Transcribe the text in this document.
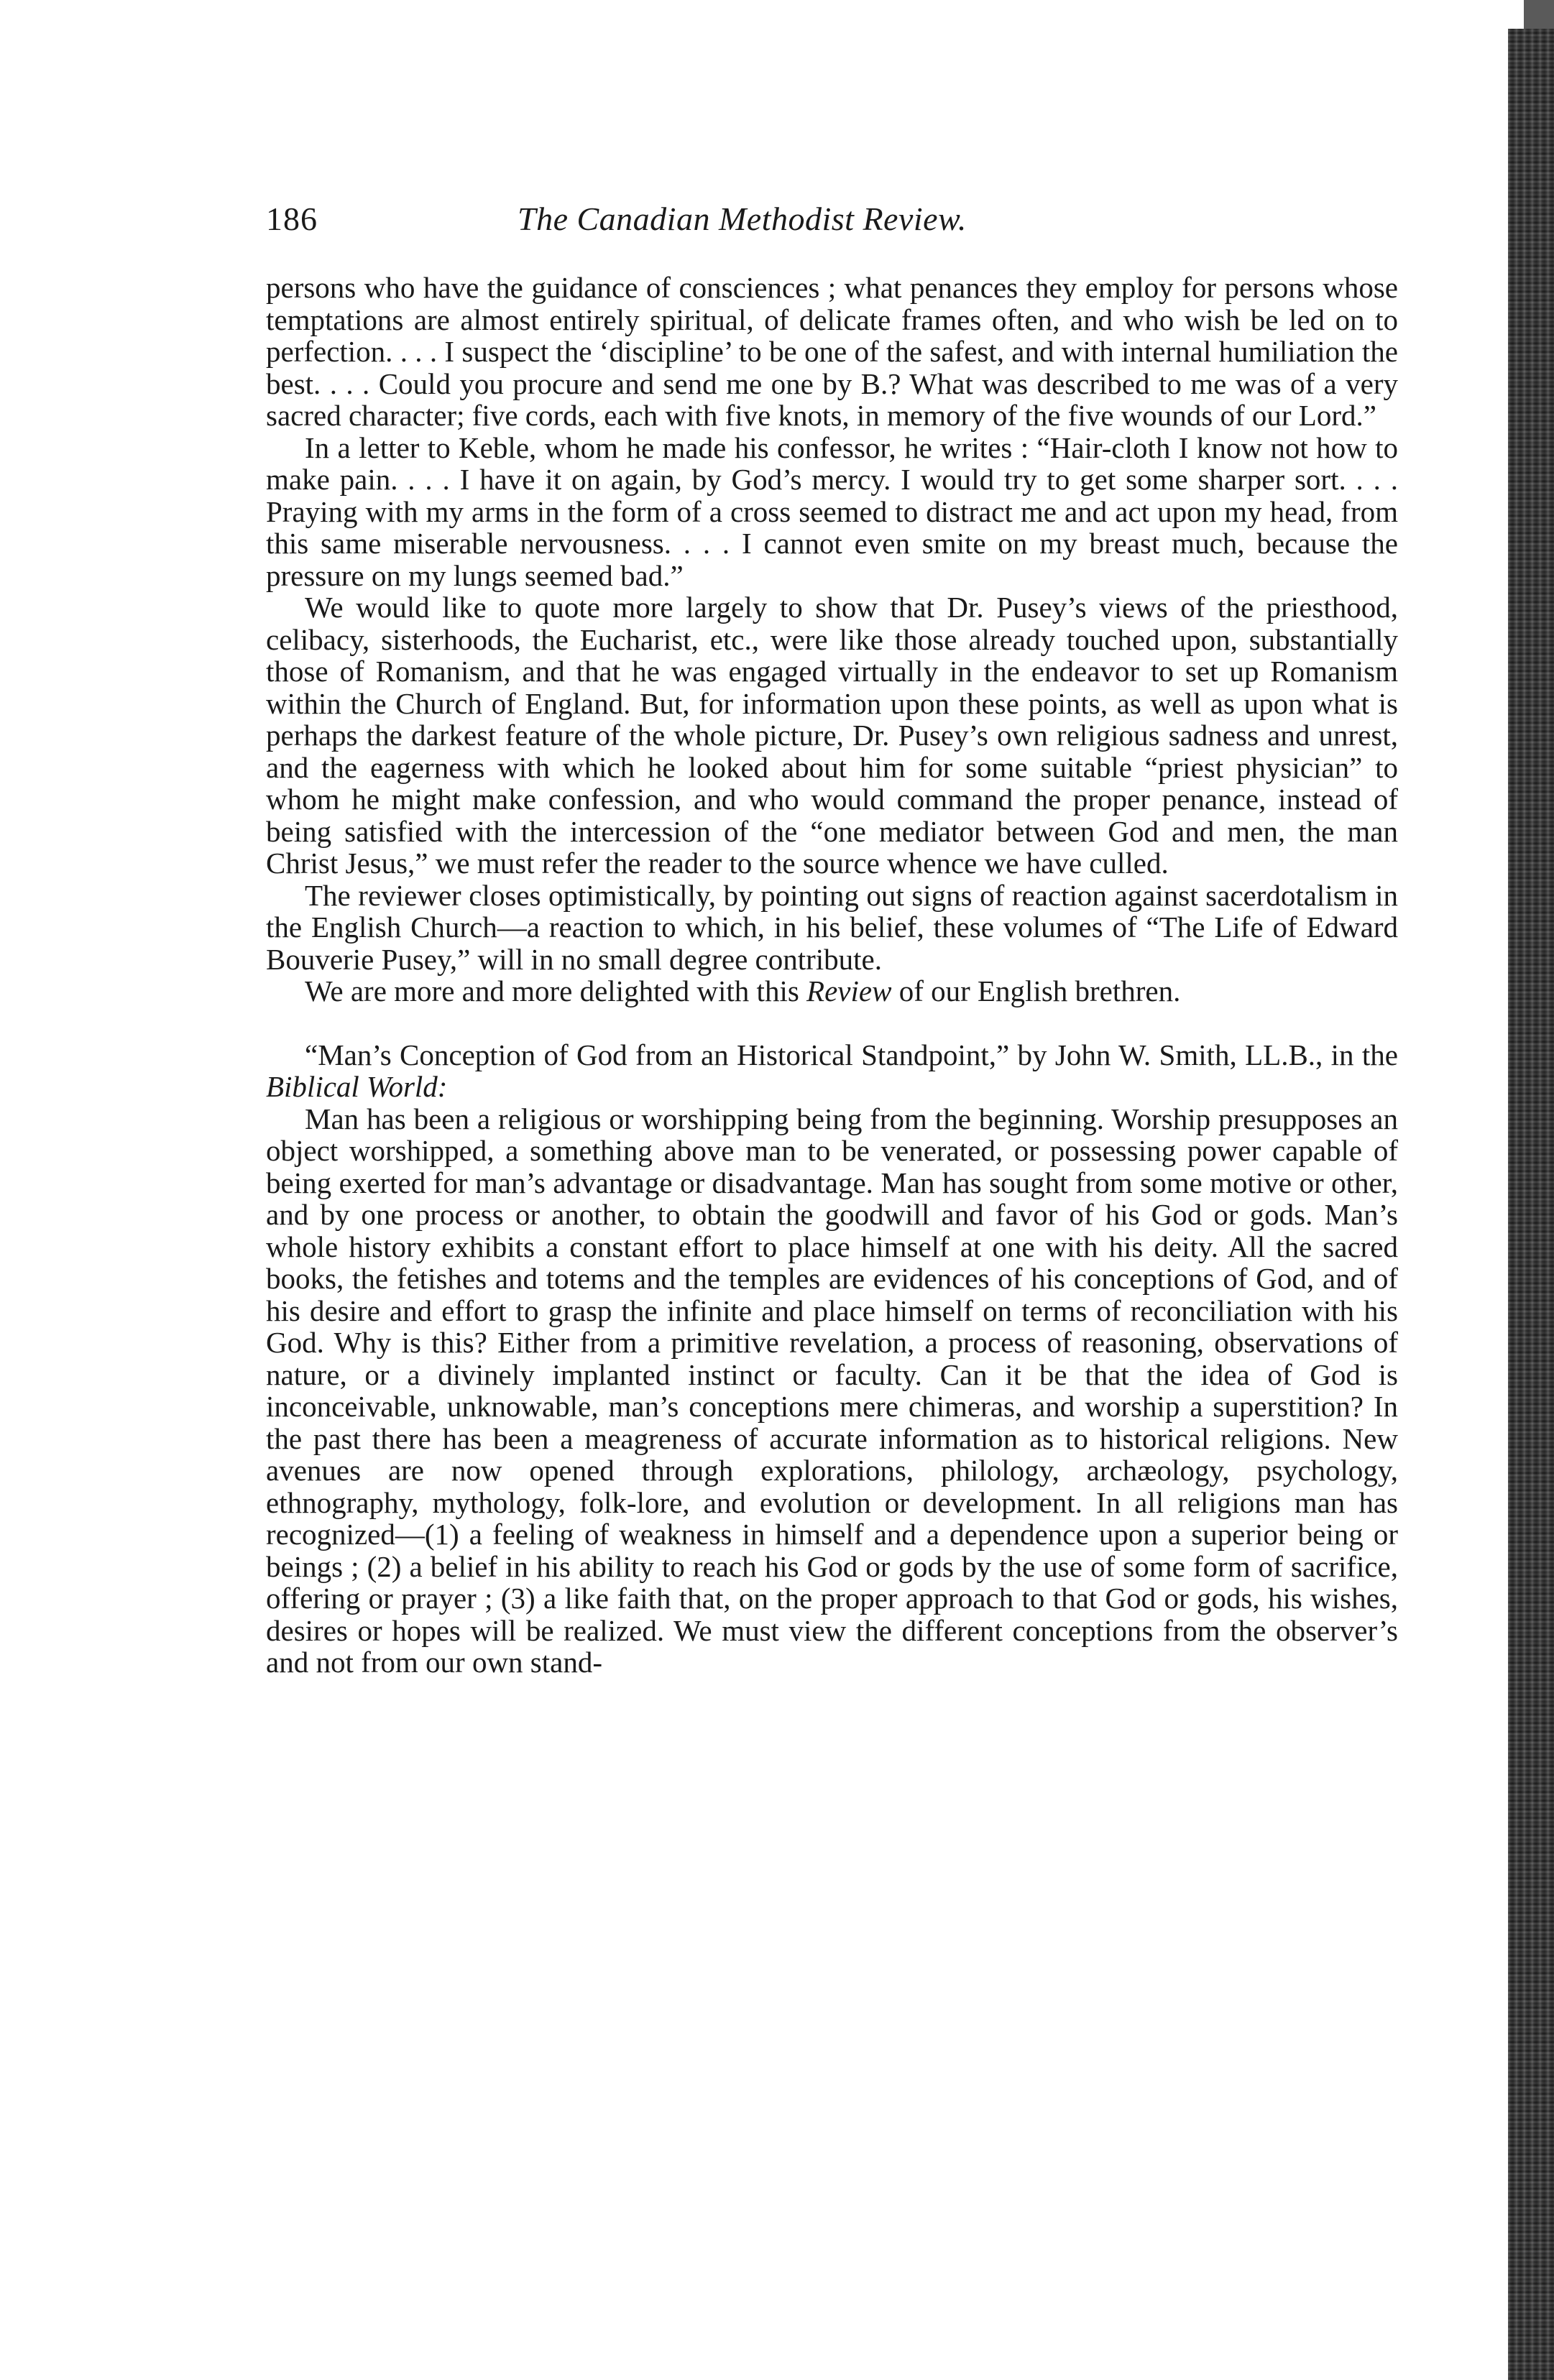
186	The Canadian Methodist Review.

persons who have the guidance of consciences ; what penances they employ for persons whose temptations are almost entirely spiritual, of delicate frames often, and who wish be led on to perfection. . . . I suspect the ‘discipline’ to be one of the safest, and with internal humiliation the best. . . . Could you procure and send me one by B.? What was described to me was of a very sacred character; five cords, each with five knots, in memory of the five wounds of our Lord.”

In a letter to Keble, whom he made his confessor, he writes : “Hair-cloth I know not how to make pain. . . . I have it on again, by God’s mercy. I would try to get some sharper sort. . . . Praying with my arms in the form of a cross seemed to distract me and act upon my head, from this same miserable nervousness. . . . I cannot even smite on my breast much, because the pressure on my lungs seemed bad.”

We would like to quote more largely to show that Dr. Pusey’s views of the priesthood, celibacy, sisterhoods, the Eucharist, etc., were like those already touched upon, substantially those of Romanism, and that he was engaged virtually in the endeavor to set up Romanism within the Church of England. But, for information upon these points, as well as upon what is perhaps the darkest feature of the whole picture, Dr. Pusey’s own religious sadness and unrest, and the eagerness with which he looked about him for some suitable “priest physician” to whom he might make confession, and who would command the proper penance, instead of being satisfied with the intercession of the “one mediator between God and men, the man Christ Jesus,” we must refer the reader to the source whence we have culled.

The reviewer closes optimistically, by pointing out signs of reaction against sacerdotalism in the English Church—a reaction to which, in his belief, these volumes of “The Life of Edward Bouverie Pusey,” will in no small degree contribute.

We are more and more delighted with this Review of our English brethren.

“Man’s Conception of God from an Historical Standpoint,” by John W. Smith, LL.B., in the Biblical World:

Man has been a religious or worshipping being from the beginning. Worship presupposes an object worshipped, a something above man to be venerated, or possessing power capable of being exerted for man’s advantage or disadvantage. Man has sought from some motive or other, and by one process or another, to obtain the goodwill and favor of his God or gods. Man’s whole history exhibits a constant effort to place himself at one with his deity. All the sacred books, the fetishes and totems and the temples are evidences of his conceptions of God, and of his desire and effort to grasp the infinite and place himself on terms of reconciliation with his God. Why is this? Either from a primitive revelation, a process of reasoning, observations of nature, or a divinely implanted instinct or faculty. Can it be that the idea of God is inconceivable, unknowable, man’s conceptions mere chimeras, and worship a superstition? In the past there has been a meagreness of accurate information as to historical religions. New avenues are now opened through explorations, philology, archæology, psychology, ethnography, mythology, folk-lore, and evolution or development. In all religions man has recognized—(1) a feeling of weakness in himself and a dependence upon a superior being or beings ; (2) a belief in his ability to reach his God or gods by the use of some form of sacrifice, offering or prayer ; (3) a like faith that, on the proper approach to that God or gods, his wishes, desires or hopes will be realized. We must view the different conceptions from the observer’s and not from our own stand-
